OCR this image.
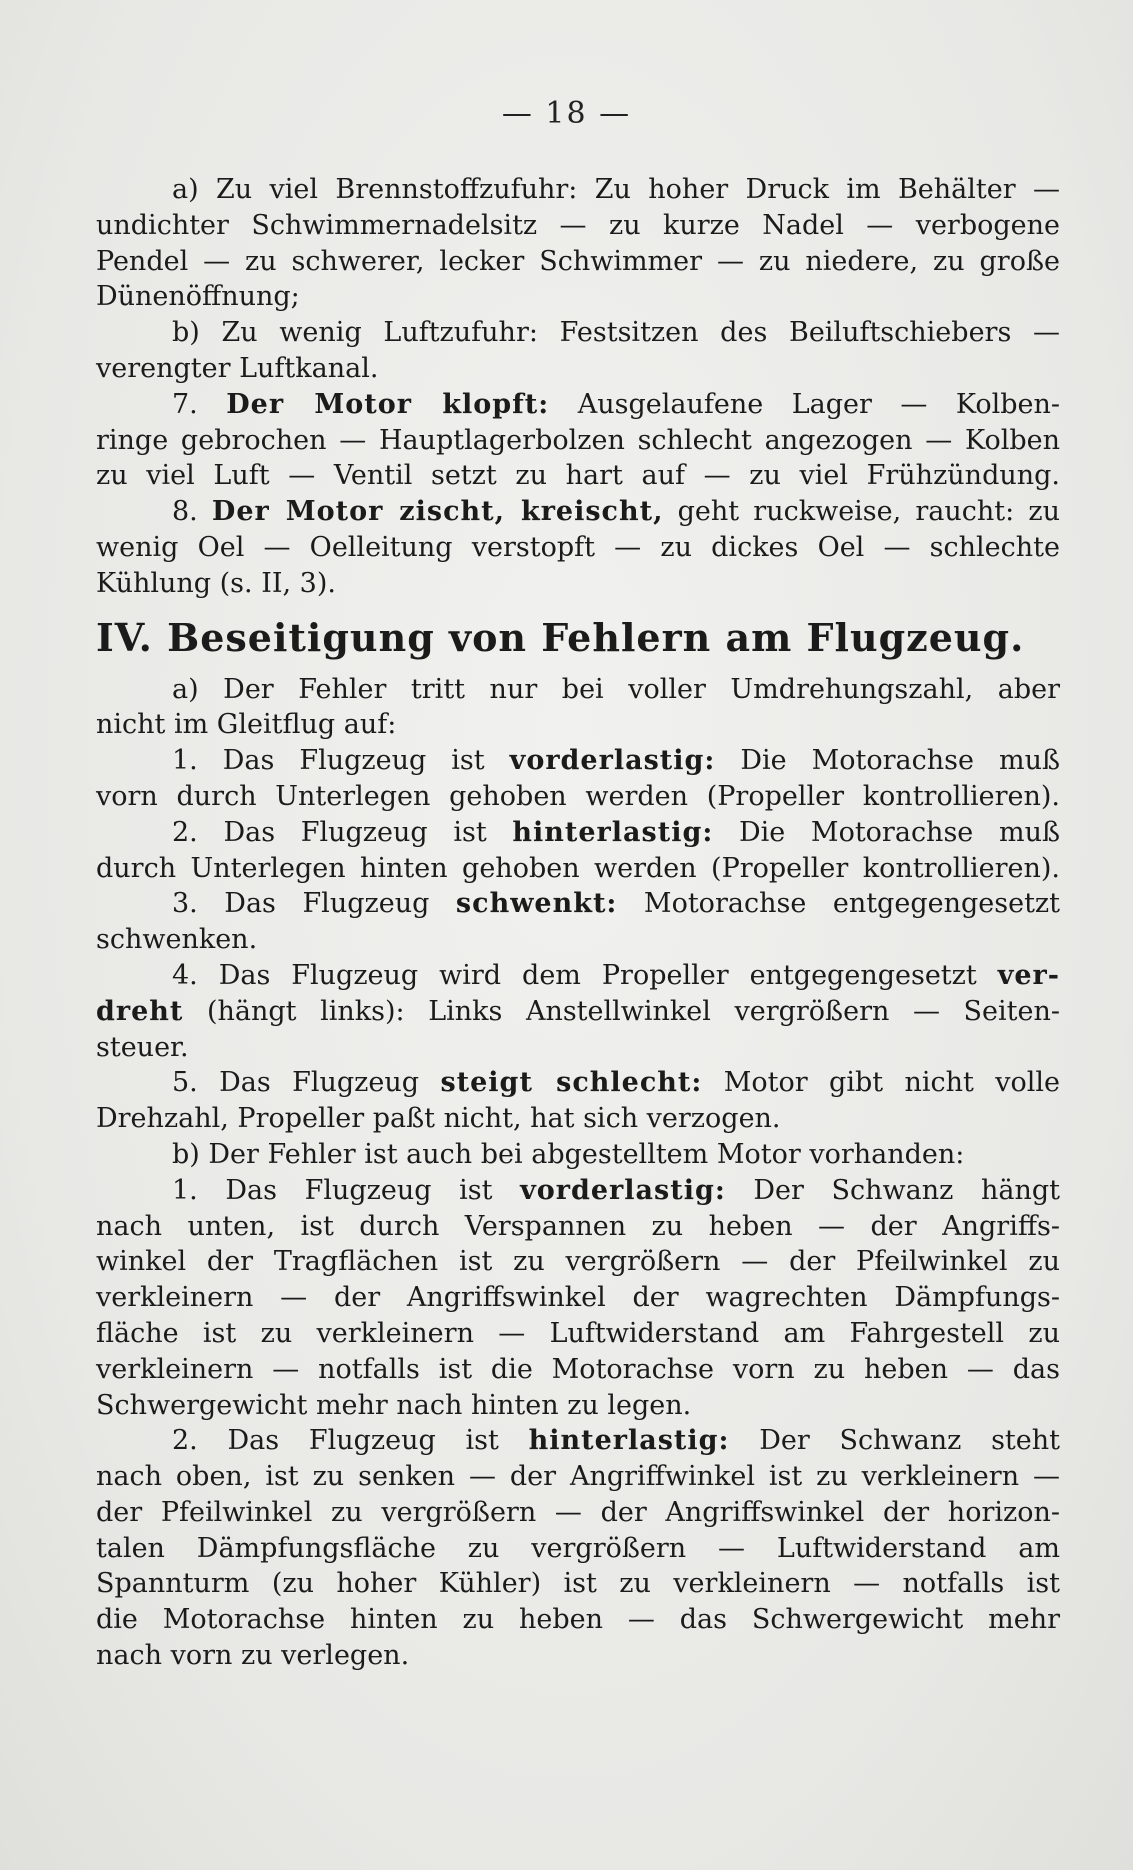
— 18 —
a) Zu viel Brennstoffzufuhr: Zu hoher Druck im Behälter —
undichter Schwimmernadelsitz — zu kurze Nadel — verbogene
Pendel — zu schwerer, lecker Schwimmer — zu niedere, zu große
Dünenöffnung;
b) Zu wenig Luftzufuhr: Festsitzen des Beiluftschiebers —
verengter Luftkanal.
7. Der Motor klopft: Ausgelaufene Lager — Kolben-
ringe gebrochen — Hauptlagerbolzen schlecht angezogen — Kolben
zu viel Luft — Ventil setzt zu hart auf — zu viel Frühzündung.
8. Der Motor zischt, kreischt, geht ruckweise, raucht: zu
wenig Oel — Oelleitung verstopft — zu dickes Oel — schlechte
Kühlung (s. II, 3).
IV. Beseitigung von Fehlern am Flugzeug.
a) Der Fehler tritt nur bei voller Umdrehungszahl, aber
nicht im Gleitflug auf:
1. Das Flugzeug ist vorderlastig: Die Motorachse muß
vorn durch Unterlegen gehoben werden (Propeller kontrollieren).
2. Das Flugzeug ist hinterlastig: Die Motorachse muß
durch Unterlegen hinten gehoben werden (Propeller kontrollieren).
3. Das Flugzeug schwenkt: Motorachse entgegengesetzt
schwenken.
4. Das Flugzeug wird dem Propeller entgegengesetzt ver-
dreht (hängt links): Links Anstellwinkel vergrößern — Seiten-
steuer.
5. Das Flugzeug steigt schlecht: Motor gibt nicht volle
Drehzahl, Propeller paßt nicht, hat sich verzogen.
b) Der Fehler ist auch bei abgestelltem Motor vorhanden:
1. Das Flugzeug ist vorderlastig: Der Schwanz hängt
nach unten, ist durch Verspannen zu heben — der Angriffs-
winkel der Tragflächen ist zu vergrößern — der Pfeilwinkel zu
verkleinern — der Angriffswinkel der wagrechten Dämpfungs-
fläche ist zu verkleinern — Luftwiderstand am Fahrgestell zu
verkleinern — notfalls ist die Motorachse vorn zu heben — das
Schwergewicht mehr nach hinten zu legen.
2. Das Flugzeug ist hinterlastig: Der Schwanz steht
nach oben, ist zu senken — der Angriffwinkel ist zu verkleinern —
der Pfeilwinkel zu vergrößern — der Angriffswinkel der horizon-
talen Dämpfungsfläche zu vergrößern — Luftwiderstand am
Spannturm (zu hoher Kühler) ist zu verkleinern — notfalls ist
die Motorachse hinten zu heben — das Schwergewicht mehr
nach vorn zu verlegen.
